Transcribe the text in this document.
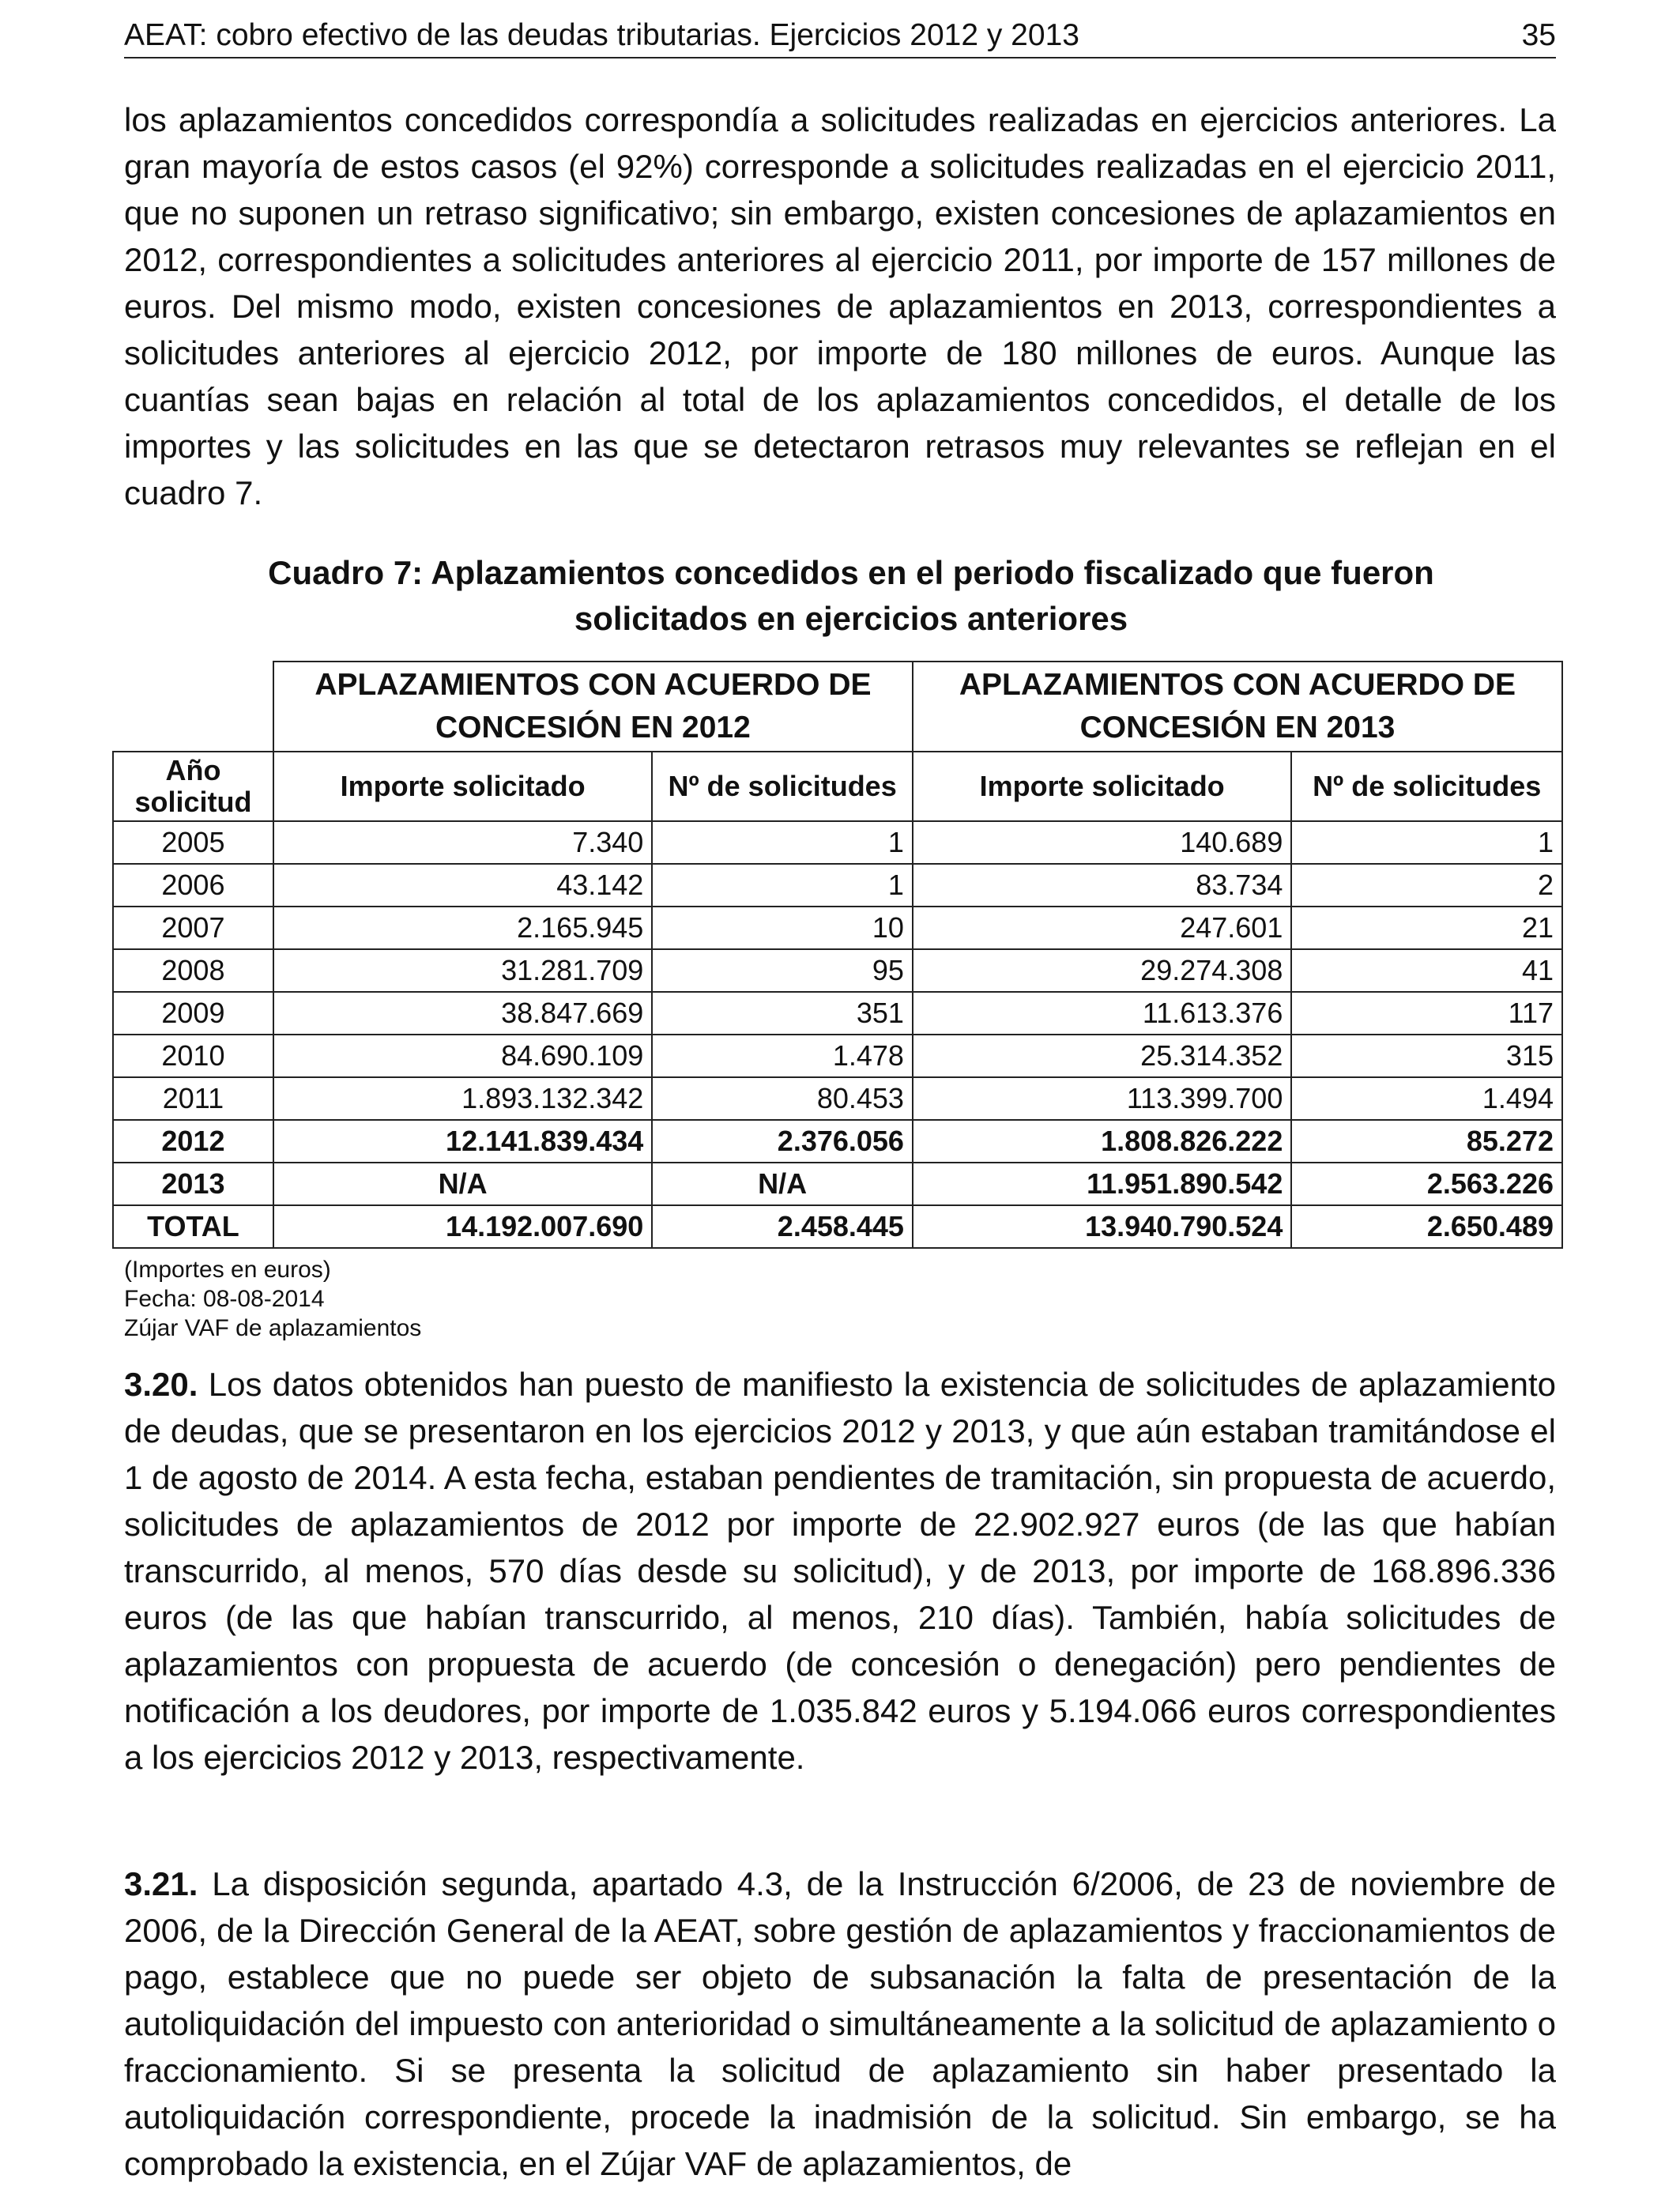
AEAT: cobro efectivo de las deudas tributarias. Ejercicios 2012 y 2013	35

los aplazamientos concedidos correspondía a solicitudes realizadas en ejercicios anteriores. La gran mayoría de estos casos (el 92%) corresponde a solicitudes realizadas en el ejercicio 2011, que no suponen un retraso significativo; sin embargo, existen concesiones de aplazamientos en 2012, correspondientes a solicitudes anteriores al ejercicio 2011, por importe de 157 millones de euros. Del mismo modo, existen concesiones de aplazamientos en 2013, correspondientes a solicitudes anteriores al ejercicio 2012, por importe de 180 millones de euros. Aunque las cuantías sean bajas en relación al total de los aplazamientos concedidos, el detalle de los importes y las solicitudes en las que se detectaron retrasos muy relevantes se reflejan en el cuadro 7.

Cuadro 7: Aplazamientos concedidos en el periodo fiscalizado que fueron
solicitados en ejercicios anteriores
	APLAZAMIENTOS CON ACUERDO DE CONCESIÓN EN 2012		APLAZAMIENTOS CON ACUERDO DE CONCESIÓN EN 2013	
Año
solicitud	Importe solicitado	Nº de solicitudes	Importe solicitado	Nº de solicitudes
2005	7.340	1	140.689	1
2006	43.142	1	83.734	2
2007	2.165.945	10	247.601	21
2008	31.281.709	95	29.274.308	41
2009	38.847.669	351	11.613.376	117
2010	84.690.109	1.478	25.314.352	315
2011	1.893.132.342	80.453	113.399.700	1.494
2012	12.141.839.434	2.376.056	1.808.826.222	85.272
2013	N/A	N/A	11.951.890.542	2.563.226
TOTAL	14.192.007.690	2.458.445	13.940.790.524	2.650.489
(Importes en euros)
Fecha: 08-08-2014
Zújar VAF de aplazamientos

3.20. Los datos obtenidos han puesto de manifiesto la existencia de solicitudes de aplazamiento de deudas, que se presentaron en los ejercicios 2012 y 2013, y que aún estaban tramitándose el 1 de agosto de 2014. A esta fecha, estaban pendientes de tramitación, sin propuesta de acuerdo, solicitudes de aplazamientos de 2012 por importe de 22.902.927 euros (de las que habían transcurrido, al menos, 570 días desde su solicitud), y de 2013, por importe de 168.896.336 euros (de las que habían transcurrido, al menos, 210 días). También, había solicitudes de aplazamientos con propuesta de acuerdo (de concesión o denegación) pero pendientes de notificación a los deudores, por importe de 1.035.842 euros y 5.194.066 euros correspondientes a los ejercicios 2012 y 2013, respectivamente.

3.21. La disposición segunda, apartado 4.3, de la Instrucción 6/2006, de 23 de noviembre de 2006, de la Dirección General de la AEAT, sobre gestión de aplazamientos y fraccionamientos de pago, establece que no puede ser objeto de subsanación la falta de presentación de la autoliquidación del impuesto con anterioridad o simultáneamente a la solicitud de aplazamiento o fraccionamiento. Si se presenta la solicitud de aplazamiento sin haber presentado la autoliquidación correspondiente, procede la inadmisión de la solicitud. Sin embargo, se ha comprobado la existencia, en el Zújar VAF de aplazamientos, de
